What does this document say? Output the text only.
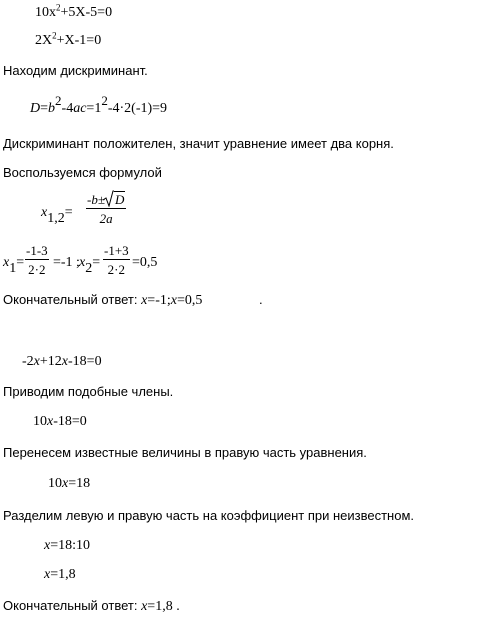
$10x^2+5X-5=0$
$2X^2+X-1=0$
Находим дискриминант.
D=b2-4ac=12-4·2(-1)=9
Дискриминант положителен, значит уравнение имеет два корня.
Воспользуемся формулой
$x1,2= \frac{-b\pm D}{2a}$
$x1= \frac{-1-3}{2\cdot 2} =-1$ ; $x2= \frac{-1+3}{2\cdot 2} =0,5$
Окончательный ответ: x=-1;x=0,5	.
-2x+12x-18=0
Приводим подобные члены.
10x-18=0
Перенесем известные величины в правую часть уравнения.
10x=18
Разделим левую и правую часть на коэффициент при неизвестном.
x=18:10
x=1,8
Окончательный ответ: x=1,8 .
